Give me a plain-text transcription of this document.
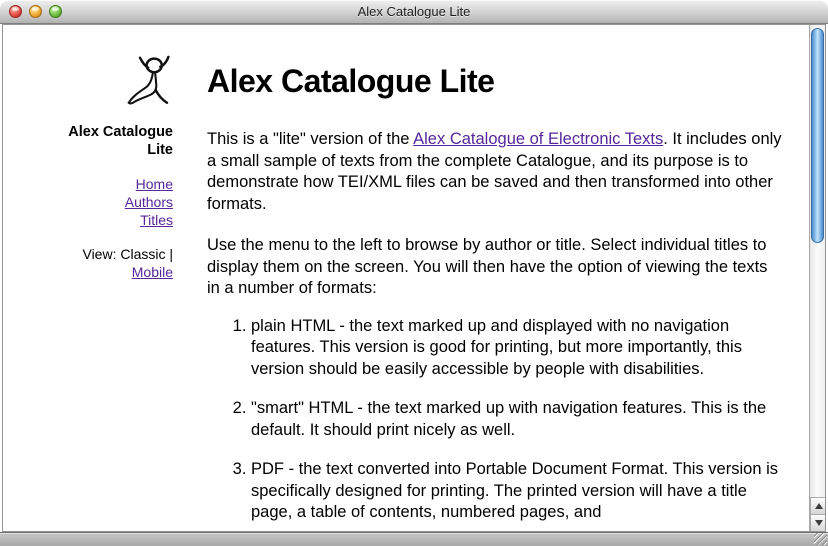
Alex Catalogue Lite
Alex Catalogue Lite
Home
Authors
Titles
View: Classic |
Mobile
Alex Catalogue Lite

This is a "lite" version of the Alex Catalogue of Electronic Texts. It includes only a small sample of texts from the complete Catalogue, and its purpose is to demonstrate how TEI/XML files can be saved and then transformed into other formats.

Use the menu to the left to browse by author or title. Select individual titles to display them on the screen. You will then have the option of viewing the texts in a number of formats:

1. plain HTML - the text marked up and displayed with no navigation features. This version is good for printing, but more importantly, this version should be easily accessible by people with disabilities.
2. "smart" HTML - the text marked up with navigation features. This is the default. It should print nicely as well.
3. PDF - the text converted into Portable Document Format. This version is specifically designed for printing. The printed version will have a title page, a table of contents, numbered pages, and
